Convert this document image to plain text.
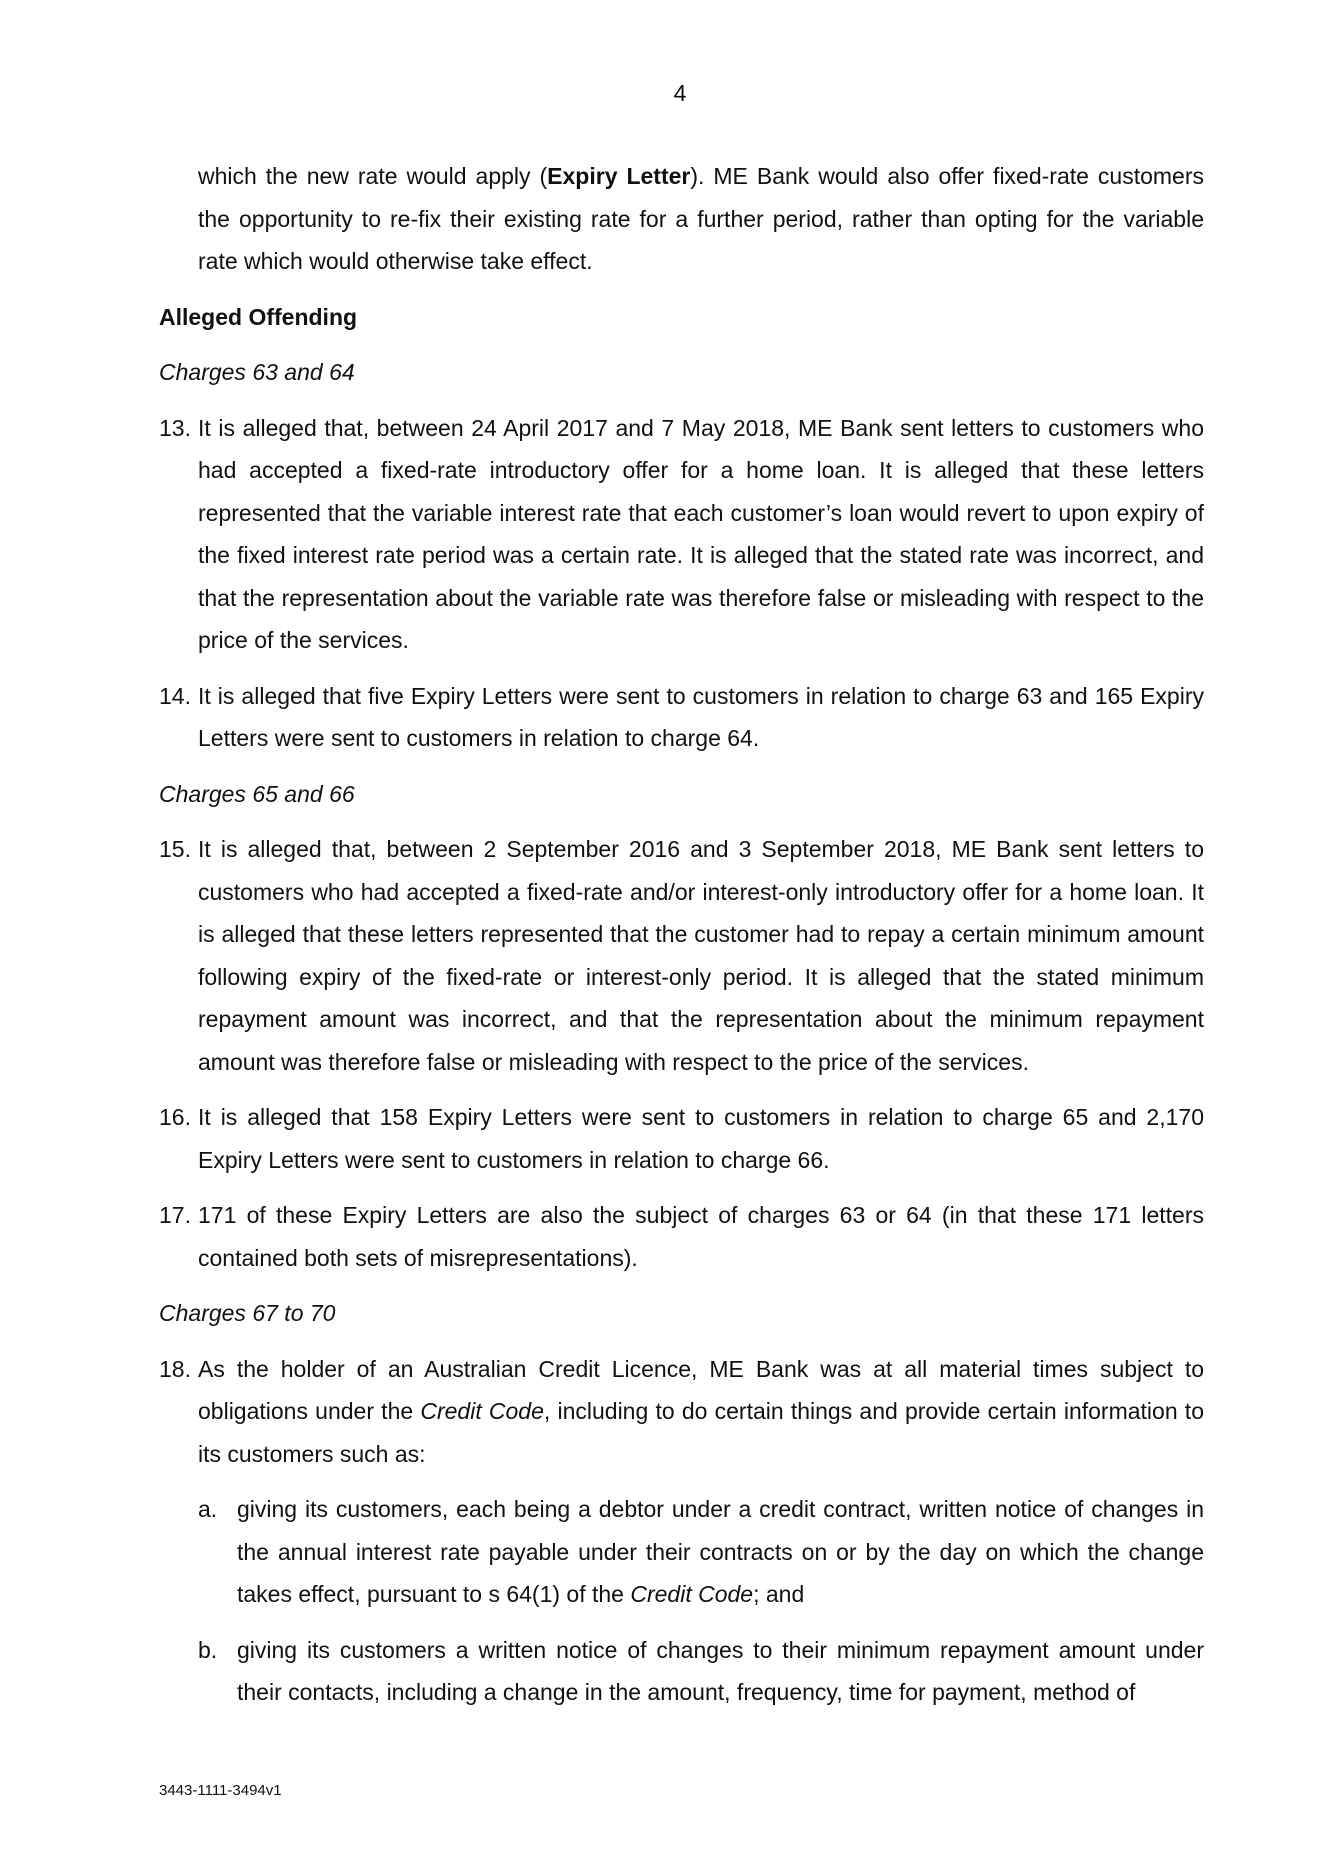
4

which the new rate would apply (Expiry Letter). ME Bank would also offer fixed-rate customers the opportunity to re-fix their existing rate for a further period, rather than opting for the variable rate which would otherwise take effect.

Alleged Offending

Charges 63 and 64

13. It is alleged that, between 24 April 2017 and 7 May 2018, ME Bank sent letters to customers who had accepted a fixed-rate introductory offer for a home loan. It is alleged that these letters represented that the variable interest rate that each customer’s loan would revert to upon expiry of the fixed interest rate period was a certain rate. It is alleged that the stated rate was incorrect, and that the representation about the variable rate was therefore false or misleading with respect to the price of the services.
14. It is alleged that five Expiry Letters were sent to customers in relation to charge 63 and 165 Expiry Letters were sent to customers in relation to charge 64.

Charges 65 and 66

15. It is alleged that, between 2 September 2016 and 3 September 2018, ME Bank sent letters to customers who had accepted a fixed-rate and/or interest-only introductory offer for a home loan. It is alleged that these letters represented that the customer had to repay a certain minimum amount following expiry of the fixed-rate or interest-only period. It is alleged that the stated minimum repayment amount was incorrect, and that the representation about the minimum repayment amount was therefore false or misleading with respect to the price of the services.
16. It is alleged that 158 Expiry Letters were sent to customers in relation to charge 65 and 2,170 Expiry Letters were sent to customers in relation to charge 66.
17. 171 of these Expiry Letters are also the subject of charges 63 or 64 (in that these 171 letters contained both sets of misrepresentations).

Charges 67 to 70

18. As the holder of an Australian Credit Licence, ME Bank was at all material times subject to obligations under the Credit Code, including to do certain things and provide certain information to its customers such as:
a. giving its customers, each being a debtor under a credit contract, written notice of changes in the annual interest rate payable under their contracts on or by the day on which the change takes effect, pursuant to s 64(1) of the Credit Code; and
b. giving its customers a written notice of changes to their minimum repayment amount under their contacts, including a change in the amount, frequency, time for payment, method of
3443-1111-3494v1
